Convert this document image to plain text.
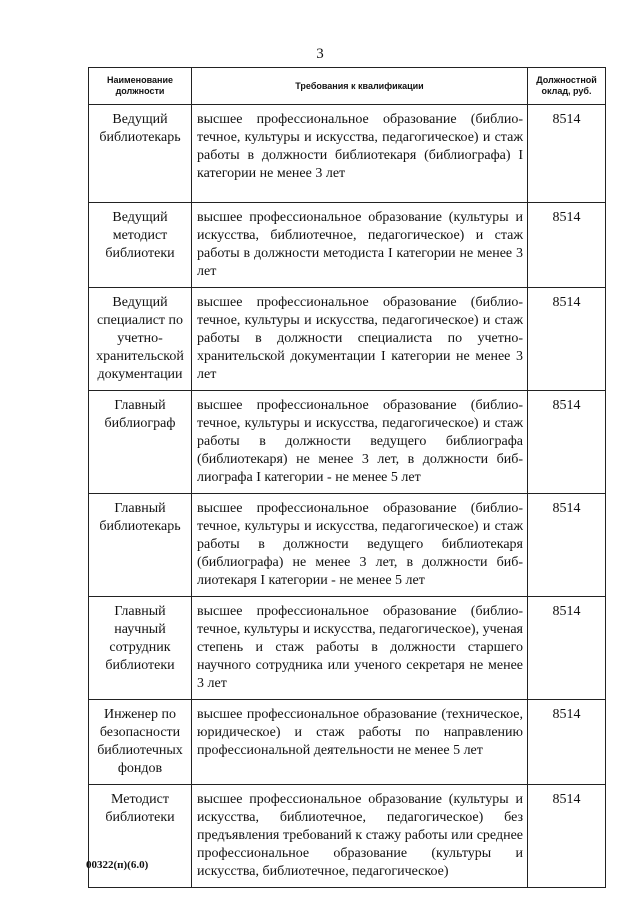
3
Наименование должности	Требования к квалификации	Должностной оклад, руб.
Ведущий библиотекарь	высшее профессиональное образование (библиотечное, культуры и искусства, педагогическое) и стаж работы в должности библиотекаря (библиографа) I категории не менее 3 лет	8514
Ведущий методист библиотеки	высшее профессиональное образование (культуры и искусства, библиотечное, педагогическое) и стаж работы в должности методиста I категории не менее 3 лет	8514
Ведущий специалист по учетно-хранительской документации	высшее профессиональное образование (библиотечное, культуры и искусства, педагогическое) и стаж работы в должности специалиста по учетно-хранительской документации I категории не менее 3 лет	8514
Главный библиограф	высшее профессиональное образование (библиотечное, культуры и искусства, педагогическое) и стаж работы в должности ведущего библиографа (библиотекаря) не менее 3 лет, в должности библиографа I категории - не менее 5 лет	8514
Главный библиотекарь	высшее профессиональное образование (библиотечное, культуры и искусства, педагогическое) и стаж работы в должности ведущего библиотекаря (библиографа) не менее 3 лет, в должности библиотекаря I категории - не менее 5 лет	8514
Главный научный сотрудник библиотеки	высшее профессиональное образование (библиотечное, культуры и искусства, педагогическое), ученая степень и стаж работы в должности старшего научного сотрудника или ученого секретаря не менее 3 лет	8514
Инженер по безопасности библиотечных фондов	высшее профессиональное образование (техническое, юридическое) и стаж работы по направлению профессиональной деятельности не менее 5 лет	8514
Методист библиотеки	высшее профессиональное образование (культуры и искусства, библиотечное, педагогическое) без предъявления требований к стажу работы или среднее профессиональное образование (культуры и искусства, библиотечное, педагогическое)	8514
00322(п)(6.0)
